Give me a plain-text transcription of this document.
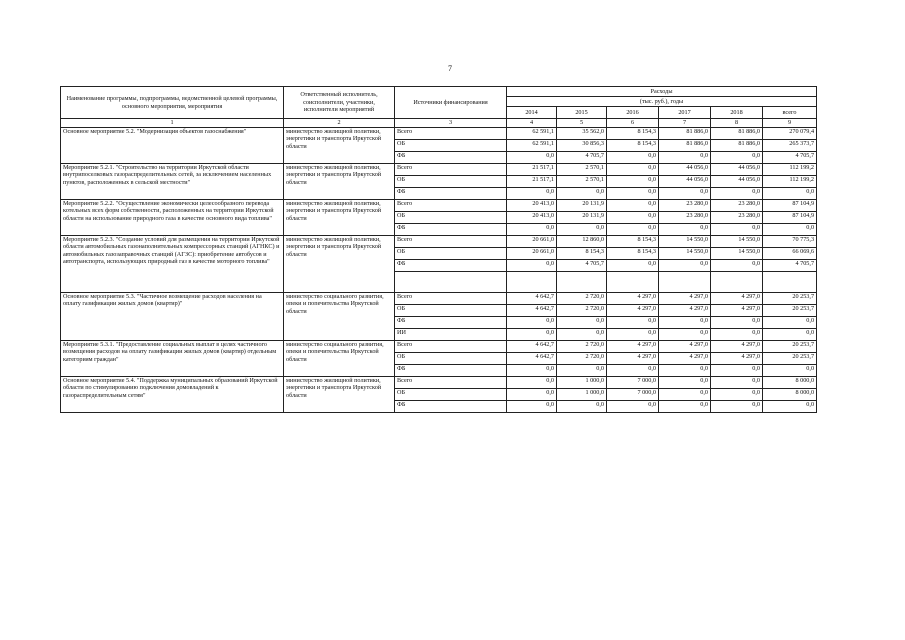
7
Наименование программы, подпрограммы, ведомственной целевой программы, основного мероприятия, мероприятия	Ответственный исполнитель, соисполнители, участники, исполнители мероприятий	Источники финансирования	Расходы					
			(тыс. руб.), годы					
			2014	2015	2016	2017	2018	всего
1	2	3	4	5	6	7	8	9
Основное мероприятие 5.2. "Модернизация объектов газоснабжения"	министерство жилищной политики, энергетики и транспорта Иркутской области	Всего	62 591,1	35 562,0	8 154,3	81 886,0	81 886,0	270 079,4
		ОБ	62 591,1	30 856,3	8 154,3	81 886,0	81 886,0	265 373,7
		ФБ	0,0	4 705,7	0,0	0,0	0,0	4 705,7
Мероприятие 5.2.1. "Строительство на территории Иркутской области внутрипоселковых газораспределительных сетей, за исключением населенных пунктов, расположенных в сельской местности"	министерство жилищной политики, энергетики и транспорта Иркутской области	Всего	21 517,1	2 570,1	0,0	44 056,0	44 056,0	112 199,2
		ОБ	21 517,1	2 570,1	0,0	44 056,0	44 056,0	112 199,2
		ФБ	0,0	0,0	0,0	0,0	0,0	0,0
Мероприятие 5.2.2. "Осуществление экономически целесообразного перевода котельных всех форм собственности, расположенных на территории Иркутской области на использование природного газа в качестве основного вида топлива"	министерство жилищной политики, энергетики и транспорта Иркутской области	Всего	20 413,0	20 131,9	0,0	23 280,0	23 280,0	87 104,9
		ОБ	20 413,0	20 131,9	0,0	23 280,0	23 280,0	87 104,9
		ФБ	0,0	0,0	0,0	0,0	0,0	0,0
Мероприятие 5.2.3. "Создание условий для размещения на территории Иркутской области автомобильных газонаполнительных компрессорных станций (АГНКС) и автомобильных газозаправочных станций (АГЗС): приобретение автобусов и автотранспорта, использующих природный газ в качестве моторного топлива"	министерство жилищной политики, энергетики и транспорта Иркутской области	Всего	20 661,0	12 860,0	8 154,3	14 550,0	14 550,0	70 775,3
		ОБ	20 661,0	8 154,3	8 154,3	14 550,0	14 550,0	66 069,6
		ФБ	0,0	4 705,7	0,0	0,0	0,0	4 705,7

Основное мероприятие 5.3. "Частичное возмещение расходов населения на оплату газификации жилых домов (квартир)"	министерство социального развития, опеки и попечительства Иркутской области	Всего	4 642,7	2 720,0	4 297,0	4 297,0	4 297,0	20 253,7
		ОБ	4 642,7	2 720,0	4 297,0	4 297,0	4 297,0	20 253,7
		ФБ	0,0	0,0	0,0	0,0	0,0	0,0
		ИИ	0,0	0,0	0,0	0,0	0,0	0,0
Мероприятие 5.3.1. "Предоставление социальных выплат в целях частичного возмещения расходов на оплату газификации жилых домов (квартир) отдельным категориям граждан"	министерство социального развития, опеки и попечительства Иркутской области	Всего	4 642,7	2 720,0	4 297,0	4 297,0	4 297,0	20 253,7
		ОБ	4 642,7	2 720,0	4 297,0	4 297,0	4 297,0	20 253,7
		ФБ	0,0	0,0	0,0	0,0	0,0	0,0
Основное мероприятие 5.4. "Поддержка муниципальных образований Иркутской области по стимулированию подключения домовладений к газораспределительным сетям"	министерство жилищной политики, энергетики и транспорта Иркутской области	Всего	0,0	1 000,0	7 000,0	0,0	0,0	8 000,0
		ОБ	0,0	1 000,0	7 000,0	0,0	0,0	8 000,0
		ФБ	0,0	0,0	0,0	0,0	0,0	0,0
